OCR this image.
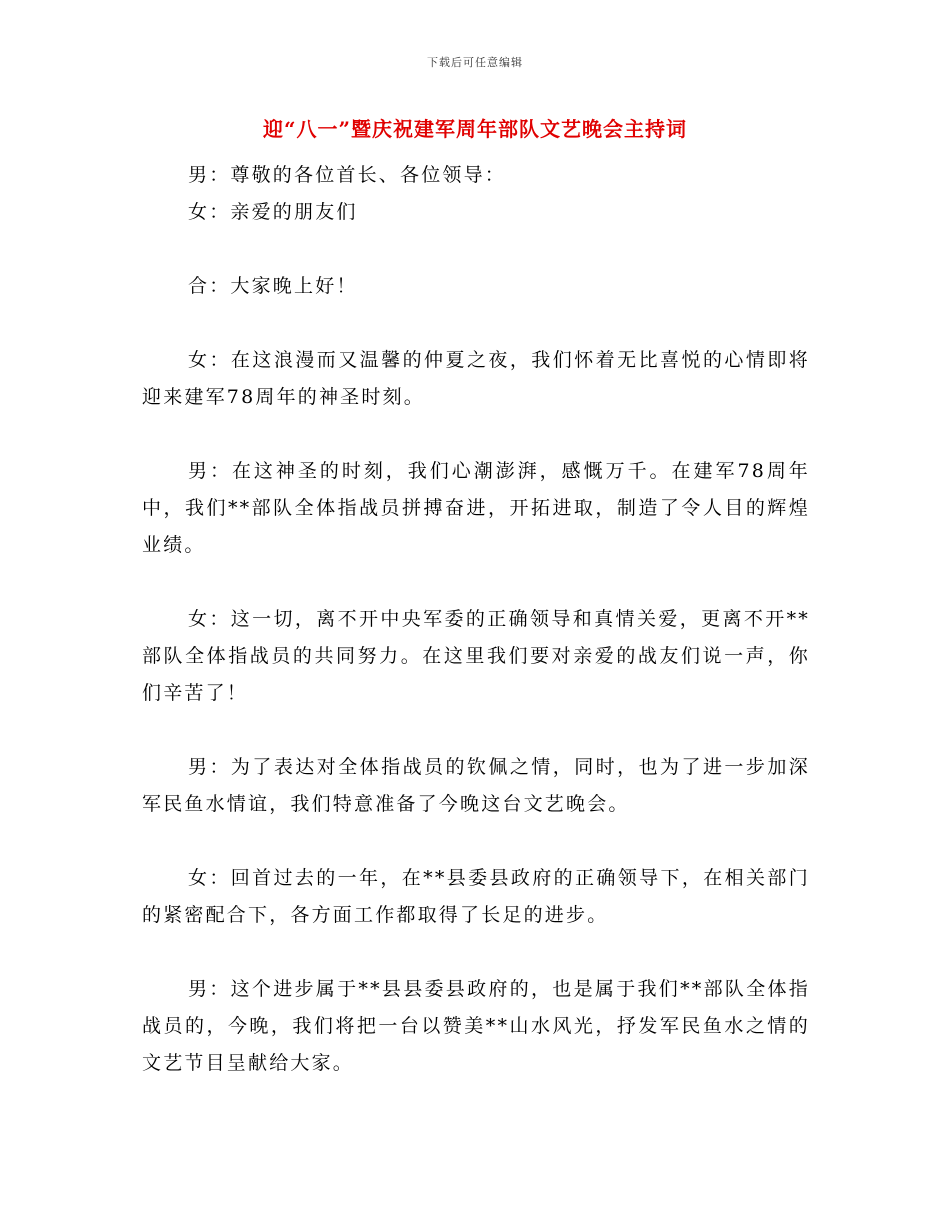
下载后可任意编辑
迎“八一”暨庆祝建军周年部队文艺晚会主持词

男：尊敬的各位首长、各位领导：

女：亲爱的朋友们

合：大家晚上好！

女：在这浪漫而又温馨的仲夏之夜，我们怀着无比喜悦的心情即将迎来建军78周年的神圣时刻。

男：在这神圣的时刻，我们心潮澎湃，感慨万千。在建军78周年中，我们**部队全体指战员拼搏奋进，开拓进取，制造了令人目的辉煌业绩。

女：这一切，离不开中央军委的正确领导和真情关爱，更离不开**部队全体指战员的共同努力。在这里我们要对亲爱的战友们说一声，你们辛苦了！

男：为了表达对全体指战员的钦佩之情，同时，也为了进一步加深军民鱼水情谊，我们特意准备了今晚这台文艺晚会。

女：回首过去的一年，在**县委县政府的正确领导下，在相关部门的紧密配合下，各方面工作都取得了长足的进步。

男：这个进步属于**县县委县政府的，也是属于我们**部队全体指战员的，今晚，我们将把一台以赞美**山水风光，抒发军民鱼水之情的文艺节目呈献给大家。
